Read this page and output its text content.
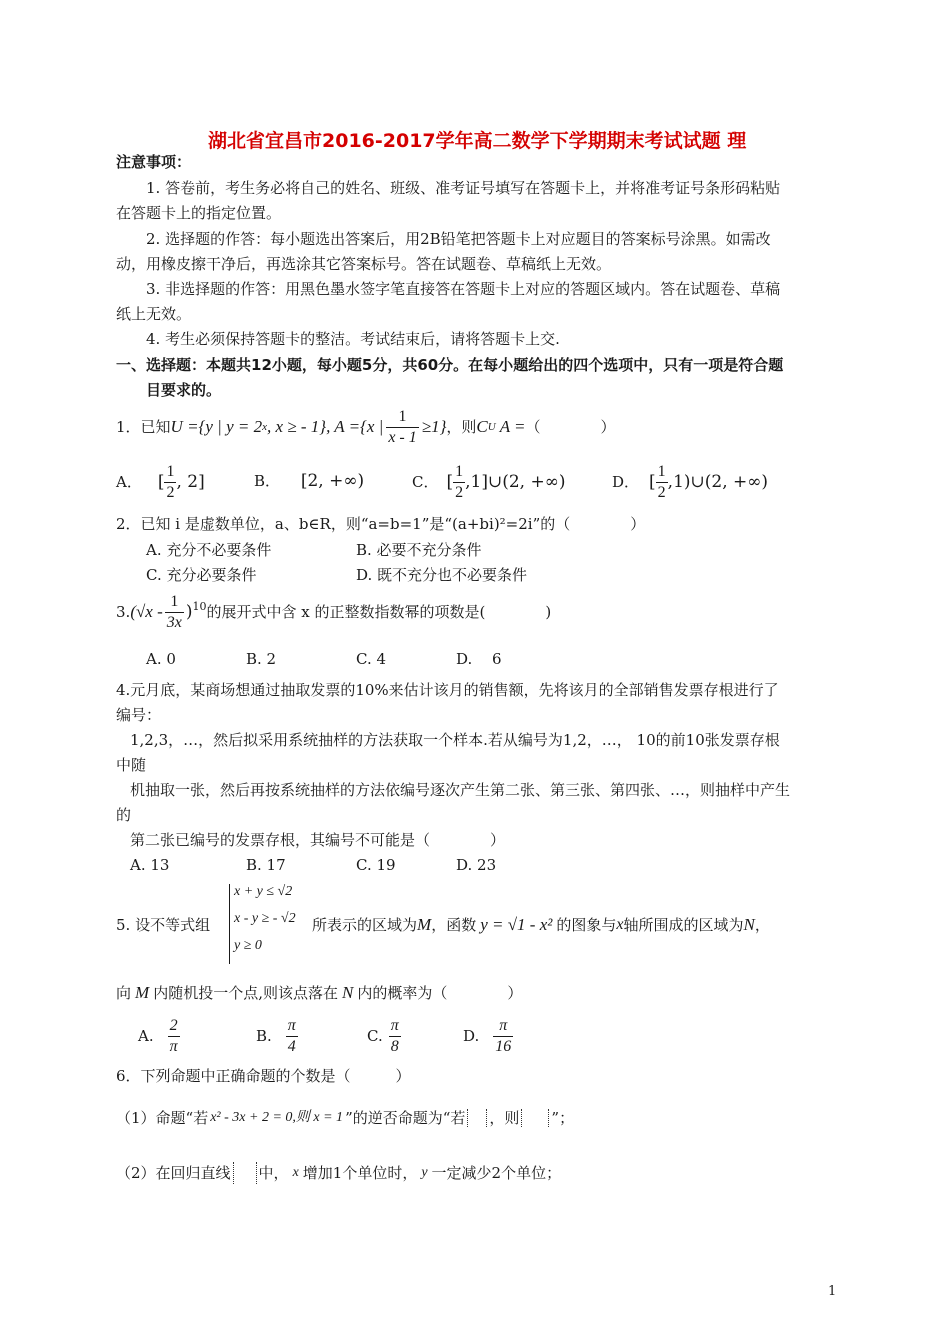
湖北省宜昌市2016-2017学年高二数学下学期期末考试试题 理
注意事项：
1. 答卷前，考生务必将自己的姓名、班级、准考证号填写在答题卡上，并将准考证号条形码粘贴
在答题卡上的指定位置。
2. 选择题的作答：每小题选出答案后，用2B铅笔把答题卡上对应题目的答案标号涂黑。如需改
动，用橡皮擦干净后，再选涂其它答案标号。答在试题卷、草稿纸上无效。
3. 非选择题的作答：用黑色墨水签字笔直接答在答题卡上对应的答题区域内。答在试题卷、草稿
纸上无效。
4. 考生必须保持答题卡的整洁。考试结束后，请将答题卡上交.
一、选择题：本题共12小题，每小题5分，共60分。在每小题给出的四个选项中，只有一项是符合题
目要求的。
1．已知 U ={y | y = 2 x , x ≥ - 1}, A ={x | $\frac{1}{x - 1} \ge 1$} ，则 C U A = （　　　　）
A． [ $\frac{1}{2}$ , 2]	B． [2, +∞)	C． [ $\frac{1}{2}$ ,1]∪(2, +∞)	D． [ $\frac{1}{2}$ ,1)∪(2, +∞)
2．已知 i 是虚数单位，a、b∈R，则“a=b=1”是“(a+bi)²=2i”的（　　　　）
A. 充分不必要条件	B. 必要不充分条件
C. 充分必要条件	D. 既不充分也不必要条件
3. $(√x - \frac{1}{3x} )^{10}$ 的展开式中含 x 的正整数指数幂的项数是(　　　　)
A. 0	B. 2	C. 4	D.　 6
4.元月底，某商场想通过抽取发票的10%来估计该月的销售额，先将该月的全部销售发票存根进行了
编号：
1,2,3，…，然后拟采用系统抽样的方法获取一个样本.若从编号为1,2，…， 10的前10张发票存根
中随
机抽取一张，然后再按系统抽样的方法依编号逐次产生第二张、第三张、第四张、…，则抽样中产生
的
第二张已编号的发票存根，其编号不可能是（　　　　）
A. 13	B. 17	C. 19	D. 23
5. 设不等式组
x + y ≤ √2
x - y ≥ - √2
y ≥ 0
所表示的区域为 M ，函数 y = √1 - x² 的图象与 x 轴所围成的区域为 N ，
向 M 内随机投一个点,则该点落在 N 内的概率为（　　　　）
A. $\frac{2}{\pi}$	B. $\frac{\pi}{4}$	C. $\frac{\pi}{8}$	D. $\frac{\pi}{16}$
6．下列命题中正确命题的个数是（　　　）
（1）命题“若 x² - 3x + 2 = 0,则 x = 1 ”的逆否命题为“若 ，则 ”；
（2）在回归直线 中， x 增加1个单位时， y 一定减少2个单位；
1
